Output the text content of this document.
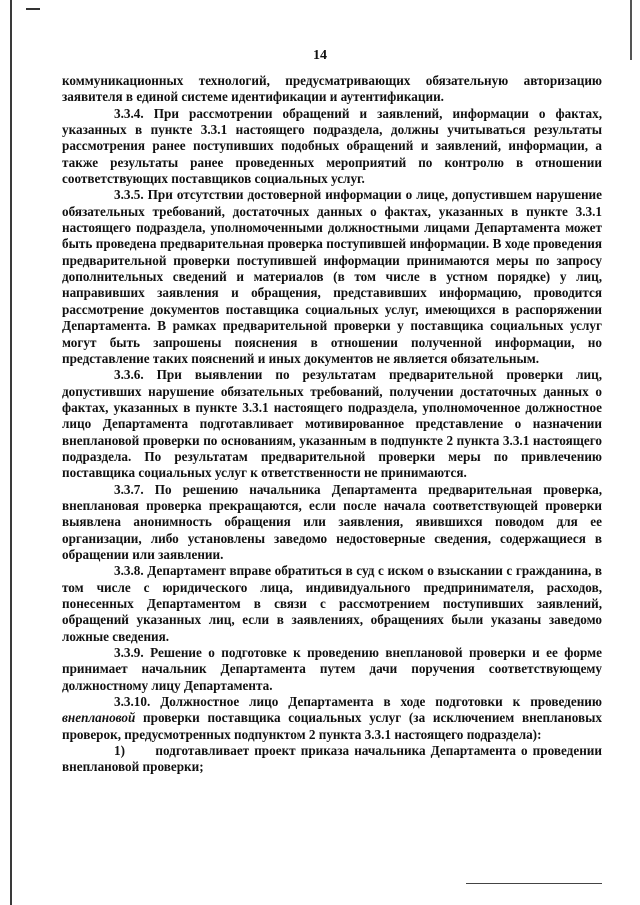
14

коммуникационных технологий, предусматривающих обязательную авторизацию заявителя в единой системе идентификации и аутентификации.

3.3.4. При рассмотрении обращений и заявлений, информации о фактах, указанных в пункте 3.3.1 настоящего подраздела, должны учитываться результаты рассмотрения ранее поступивших подобных обращений и заявлений, информации, а также результаты ранее проведенных мероприятий по контролю в отношении соответствующих поставщиков социальных услуг.

3.3.5. При отсутствии достоверной информации о лице, допустившем нарушение обязательных требований, достаточных данных о фактах, указанных в пункте 3.3.1 настоящего подраздела, уполномоченными должностными лицами Департамента может быть проведена предварительная проверка поступившей информации. В ходе проведения предварительной проверки поступившей информации принимаются меры по запросу дополнительных сведений и материалов (в том числе в устном порядке) у лиц, направивших заявления и обращения, представивших информацию, проводится рассмотрение документов поставщика социальных услуг, имеющихся в распоряжении Департамента. В рамках предварительной проверки у поставщика социальных услуг могут быть запрошены пояснения в отношении полученной информации, но представление таких пояснений и иных документов не является обязательным.

3.3.6. При выявлении по результатам предварительной проверки лиц, допустивших нарушение обязательных требований, получении достаточных данных о фактах, указанных в пункте 3.3.1 настоящего подраздела, уполномоченное должностное лицо Департамента подготавливает мотивированное представление о назначении внеплановой проверки по основаниям, указанным в подпункте 2 пункта 3.3.1 настоящего подраздела. По результатам предварительной проверки меры по привлечению поставщика социальных услуг к ответственности не принимаются.

3.3.7. По решению начальника Департамента предварительная проверка, внеплановая проверка прекращаются, если после начала соответствующей проверки выявлена анонимность обращения или заявления, явившихся поводом для ее организации, либо установлены заведомо недостоверные сведения, содержащиеся в обращении или заявлении.

3.3.8. Департамент вправе обратиться в суд с иском о взыскании с гражданина, в том числе с юридического лица, индивидуального предпринимателя, расходов, понесенных Департаментом в связи с рассмотрением поступивших заявлений, обращений указанных лиц, если в заявлениях, обращениях были указаны заведомо ложные сведения.

3.3.9. Решение о подготовке к проведению внеплановой проверки и ее форме принимает начальник Департамента путем дачи поручения соответствующему должностному лицу Департамента.

3.3.10. Должностное лицо Департамента в ходе подготовки к проведению внеплановой проверки поставщика социальных услуг (за исключением внеплановых проверок, предусмотренных подпунктом 2 пункта 3.3.1 настоящего подраздела):

1) подготавливает проект приказа начальника Департамента о проведении внеплановой проверки;
